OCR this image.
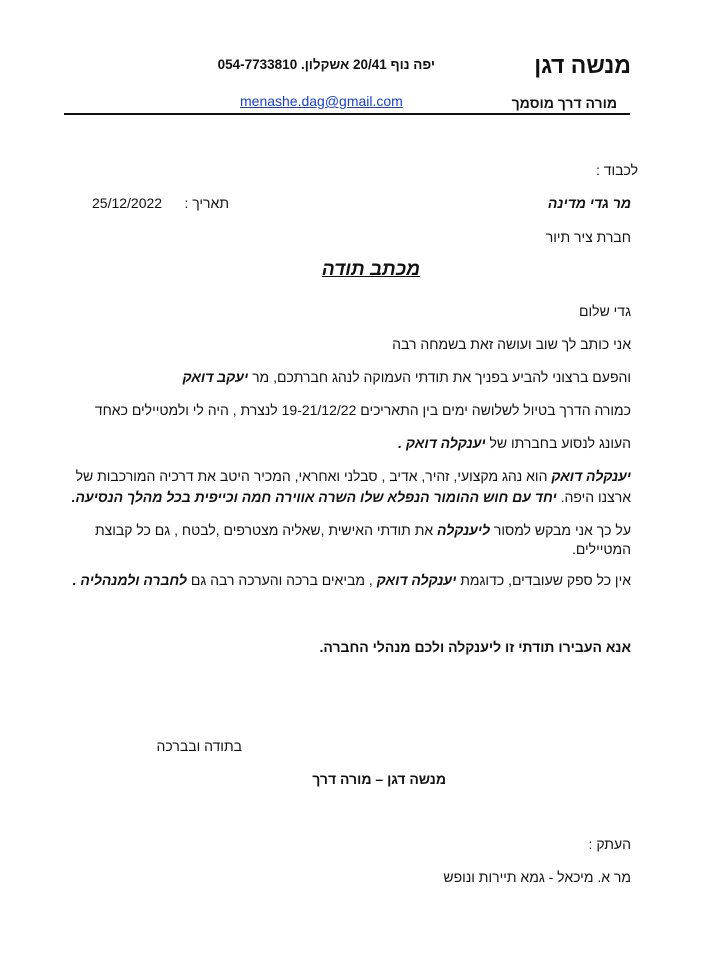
מנשה דגן
יפה נוף 20/41 אשקלון. 054-7733810
מורה דרך מוסמך
menashe.dag@gmail.com
לכבוד :
מר גדי מדינה
תאריך :
25/12/2022
חברת ציר תיור
מכתב תודה
גדי שלום
אני כותב לך שוב ועושה זאת בשמחה רבה
והפעם ברצוני להביע בפניך את תודתי העמוקה לנהג חברתכם, מר יעקב דואק
כמורה הדרך בטיול לשלושה ימים בין התאריכים 19-21/12/22 לנצרת , היה לי ולמטיילים כאחד
העונג לנסוע בחברתו של יענקלה דואק .
יענקלה דואק הוא נהג מקצועי, זהיר, אדיב , סבלני ואחראי, המכיר היטב את דרכיה המורכבות של
ארצנו היפה. יחד עם חוש ההומור הנפלא שלו השרה אווירה חמה וכייפית בכל מהלך הנסיעה.
על כך אני מבקש למסור ליענקלה את תודתי האישית ,שאליה מצטרפים ,לבטח , גם כל קבוצת
המטיילים.
אין כל ספק שעובדים, כדוגמת יענקלה דואק , מביאים ברכה והערכה רבה גם לחברה ולמנהליה .
אנא העבירו תודתי זו ליענקלה ולכם מנהלי החברה.
בתודה ובברכה
מנשה דגן – מורה דרך
העתק :
מר א. מיכאל - גמא תיירות ונופש
